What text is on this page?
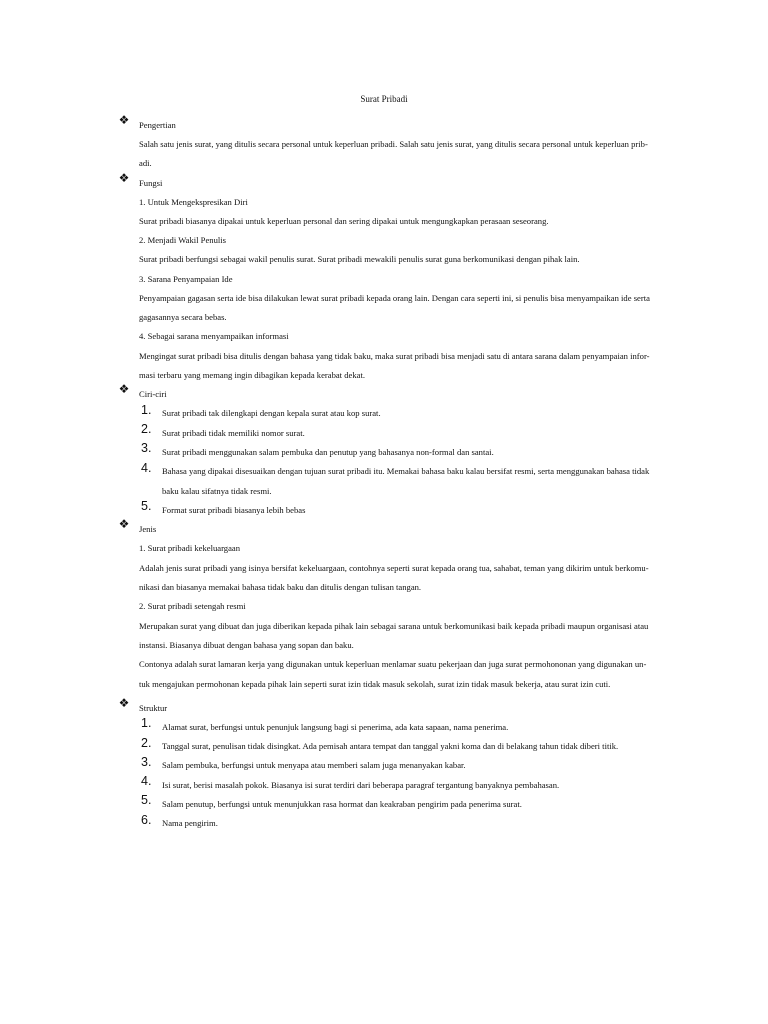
Surat Pribadi
❖	Pengertian
Salah satu jenis surat, yang ditulis secara personal untuk keperluan pribadi. Salah satu jenis surat, yang ditulis secara personal untuk keperluan prib-
adi.
❖	Fungsi
1. Untuk Mengekspresikan Diri
Surat pribadi biasanya dipakai untuk keperluan personal dan sering dipakai untuk mengungkapkan perasaan seseorang.
2. Menjadi Wakil Penulis
Surat pribadi berfungsi sebagai wakil penulis surat. Surat pribadi mewakili penulis surat guna berkomunikasi dengan pihak lain.
3. Sarana Penyampaian Ide
Penyampaian gagasan serta ide bisa dilakukan lewat surat pribadi kepada orang lain. Dengan cara seperti ini, si penulis bisa menyampaikan ide serta
gagasannya secara bebas.
4. Sebagai sarana menyampaikan informasi
Mengingat surat pribadi bisa ditulis dengan bahasa yang tidak baku, maka surat pribadi bisa menjadi satu di antara sarana dalam penyampaian infor-
masi terbaru yang memang ingin dibagikan kepada kerabat dekat.
❖	Ciri-ciri
1. Surat pribadi tak dilengkapi dengan kepala surat atau kop surat.
2. Surat pribadi tidak memiliki nomor surat.
3. Surat pribadi menggunakan salam pembuka dan penutup yang bahasanya non-formal dan santai.
4. Bahasa yang dipakai disesuaikan dengan tujuan surat pribadi itu. Memakai bahasa baku kalau bersifat resmi, serta menggunakan bahasa tidak
baku kalau sifatnya tidak resmi.
5. Format surat pribadi biasanya lebih bebas
❖	Jenis
1. Surat pribadi kekeluargaan
Adalah jenis surat pribadi yang isinya bersifat kekeluargaan, contohnya seperti surat kepada orang tua, sahabat, teman yang dikirim untuk berkomu-
nikasi dan biasanya memakai bahasa tidak baku dan ditulis dengan tulisan tangan.
2. Surat pribadi setengah resmi
Merupakan surat yang dibuat dan juga diberikan kepada pihak lain sebagai sarana untuk berkomunikasi baik kepada pribadi maupun organisasi atau
instansi. Biasanya dibuat dengan bahasa yang sopan dan baku.
Contonya adalah surat lamaran kerja yang digunakan untuk keperluan menlamar suatu pekerjaan dan juga surat permohononan yang digunakan un-
tuk mengajukan permohonan kepada pihak lain seperti surat izin tidak masuk sekolah, surat izin tidak masuk bekerja, atau surat izin cuti.
❖	Struktur
1. Alamat surat, berfungsi untuk penunjuk langsung bagi si penerima, ada kata sapaan, nama penerima.
2. Tanggal surat, penulisan tidak disingkat. Ada pemisah antara tempat dan tanggal yakni koma dan di belakang tahun tidak diberi titik.
3. Salam pembuka, berfungsi untuk menyapa atau memberi salam juga menanyakan kabar.
4. Isi surat, berisi masalah pokok. Biasanya isi surat terdiri dari beberapa paragraf tergantung banyaknya pembahasan.
5. Salam penutup, berfungsi untuk menunjukkan rasa hormat dan keakraban pengirim pada penerima surat.
6. Nama pengirim.
